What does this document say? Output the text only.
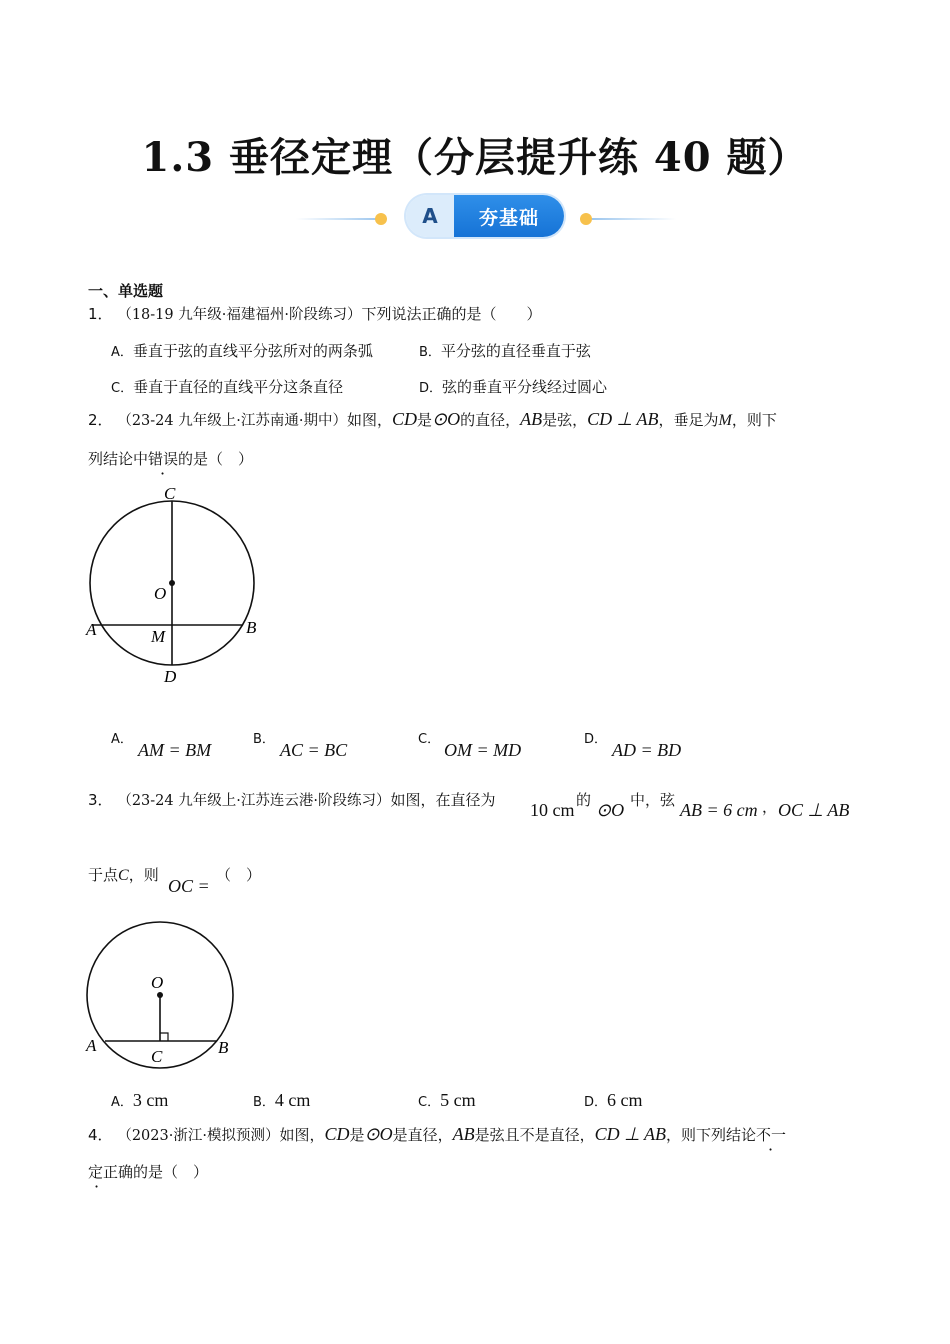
1.3 垂径定理（分层提升练 40 题）
A	夯基础
一、单选题
1． （18-19 九年级·福建福州·阶段练习）下列说法正确的是（　　）
A．垂直于弦的直线平分弦所对的两条弧	B．平分弦的直径垂直于弦
C．垂直于直径的直线平分这条直径	D．弦的垂直平分线经过圆心
2． （23-24 九年级上·江苏南通·期中）如图，CD是⊙O的直径，AB是弦，CD ⊥ AB，垂足为M，则下
列结论中错误的是（　）
C
O
A	M	B
D
A．
AM = BM
B．
AC = BC
C．
OM = MD
D．
AD = BD
3． （23-24 九年级上·江苏连云港·阶段练习）如图，在直径为 10 cm 的 ⊙O 中，弦 AB = 6 cm ， OC ⊥ AB
于点C，则
OC =
（　）
O
A
C	B
A．3 cm	B．4 cm	C．5 cm	D．6 cm
4． （2023·浙江·模拟预测）如图，CD是⊙O是直径，AB是弦且不是直径，CD ⊥ AB，则下列结论不一
定正确的是（　）
